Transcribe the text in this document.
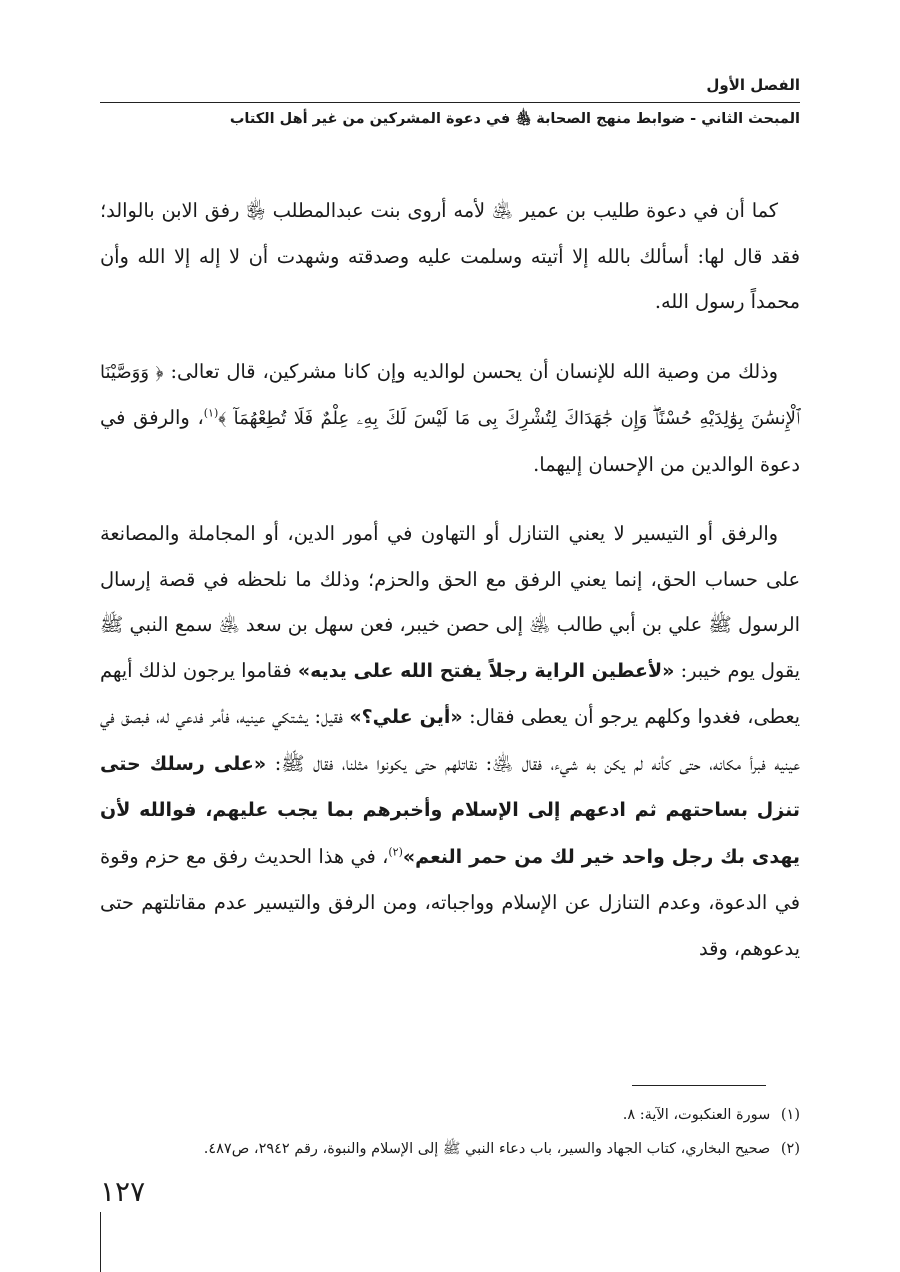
الفصل الأول
المبحث الثاني - ضوابط منهج الصحابة ﵃ في دعوة المشركين من غير أهل الكتاب

كما أن في دعوة طليب بن عمير ﵁ لأمه أروى بنت عبدالمطلب ﵂ رفق الابن بالوالد؛ فقد قال لها: أسألك بالله إلا أتيته وسلمت عليه وصدقته وشهدت أن لا إله إلا الله وأن محمداً رسول الله.

وذلك من وصية الله للإنسان أن يحسن لوالديه وإن كانا مشركين، قال تعالى: ﴿ وَوَصَّيْنَا ٱلْإِنسَٰنَ بِوَٰلِدَيْهِ حُسْنًاۖ وَإِن جَٰهَدَاكَ لِتُشْرِكَ بِى مَا لَيْسَ لَكَ بِهِۦ عِلْمٌ فَلَا تُطِعْهُمَآ ﴾$^{(١)}$، والرفق في دعوة الوالدين من الإحسان إليهما.

والرفق أو التيسير لا يعني التنازل أو التهاون في أمور الدين، أو المجاملة والمصانعة على حساب الحق، إنما يعني الرفق مع الحق والحزم؛ وذلك ما نلحظه في قصة إرسال الرسول ﷺ علي بن أبي طالب ﵁ إلى حصن خيبر، فعن سهل بن سعد ﵁ سمع النبي ﷺ يقول يوم خيبر: «لأعطين الراية رجلاً يفتح الله على يديه» فقاموا يرجون لذلك أيهم يعطى، فغدوا وكلهم يرجو أن يعطى فقال: «أين علي؟» فقيل: يشتكي عينيه، فأمر فدعي له، فبصق في عينيه فبرأ مكانه، حتى كأنه لم يكن به شيء، فقال ﵁: نقاتلهم حتى يكونوا مثلنا، فقال ﷺ: «على رسلك حتى تنزل بساحتهم ثم ادعهم إلى الإسلام وأخبرهم بما يجب عليهم، فوالله لأن يهدى بك رجل واحد خير لك من حمر النعم»$^{(٢)}$، في هذا الحديث رفق مع حزم وقوة في الدعوة، وعدم التنازل عن الإسلام وواجباته، ومن الرفق والتيسير عدم مقاتلتهم حتى يدعوهم، وقد

(١) سورة العنكبوت، الآية: ٨.
(٢) صحيح البخاري، كتاب الجهاد والسير، باب دعاء النبي ﷺ إلى الإسلام والنبوة، رقم ٢٩٤٢، ص٤٨٧.
١٢٧
